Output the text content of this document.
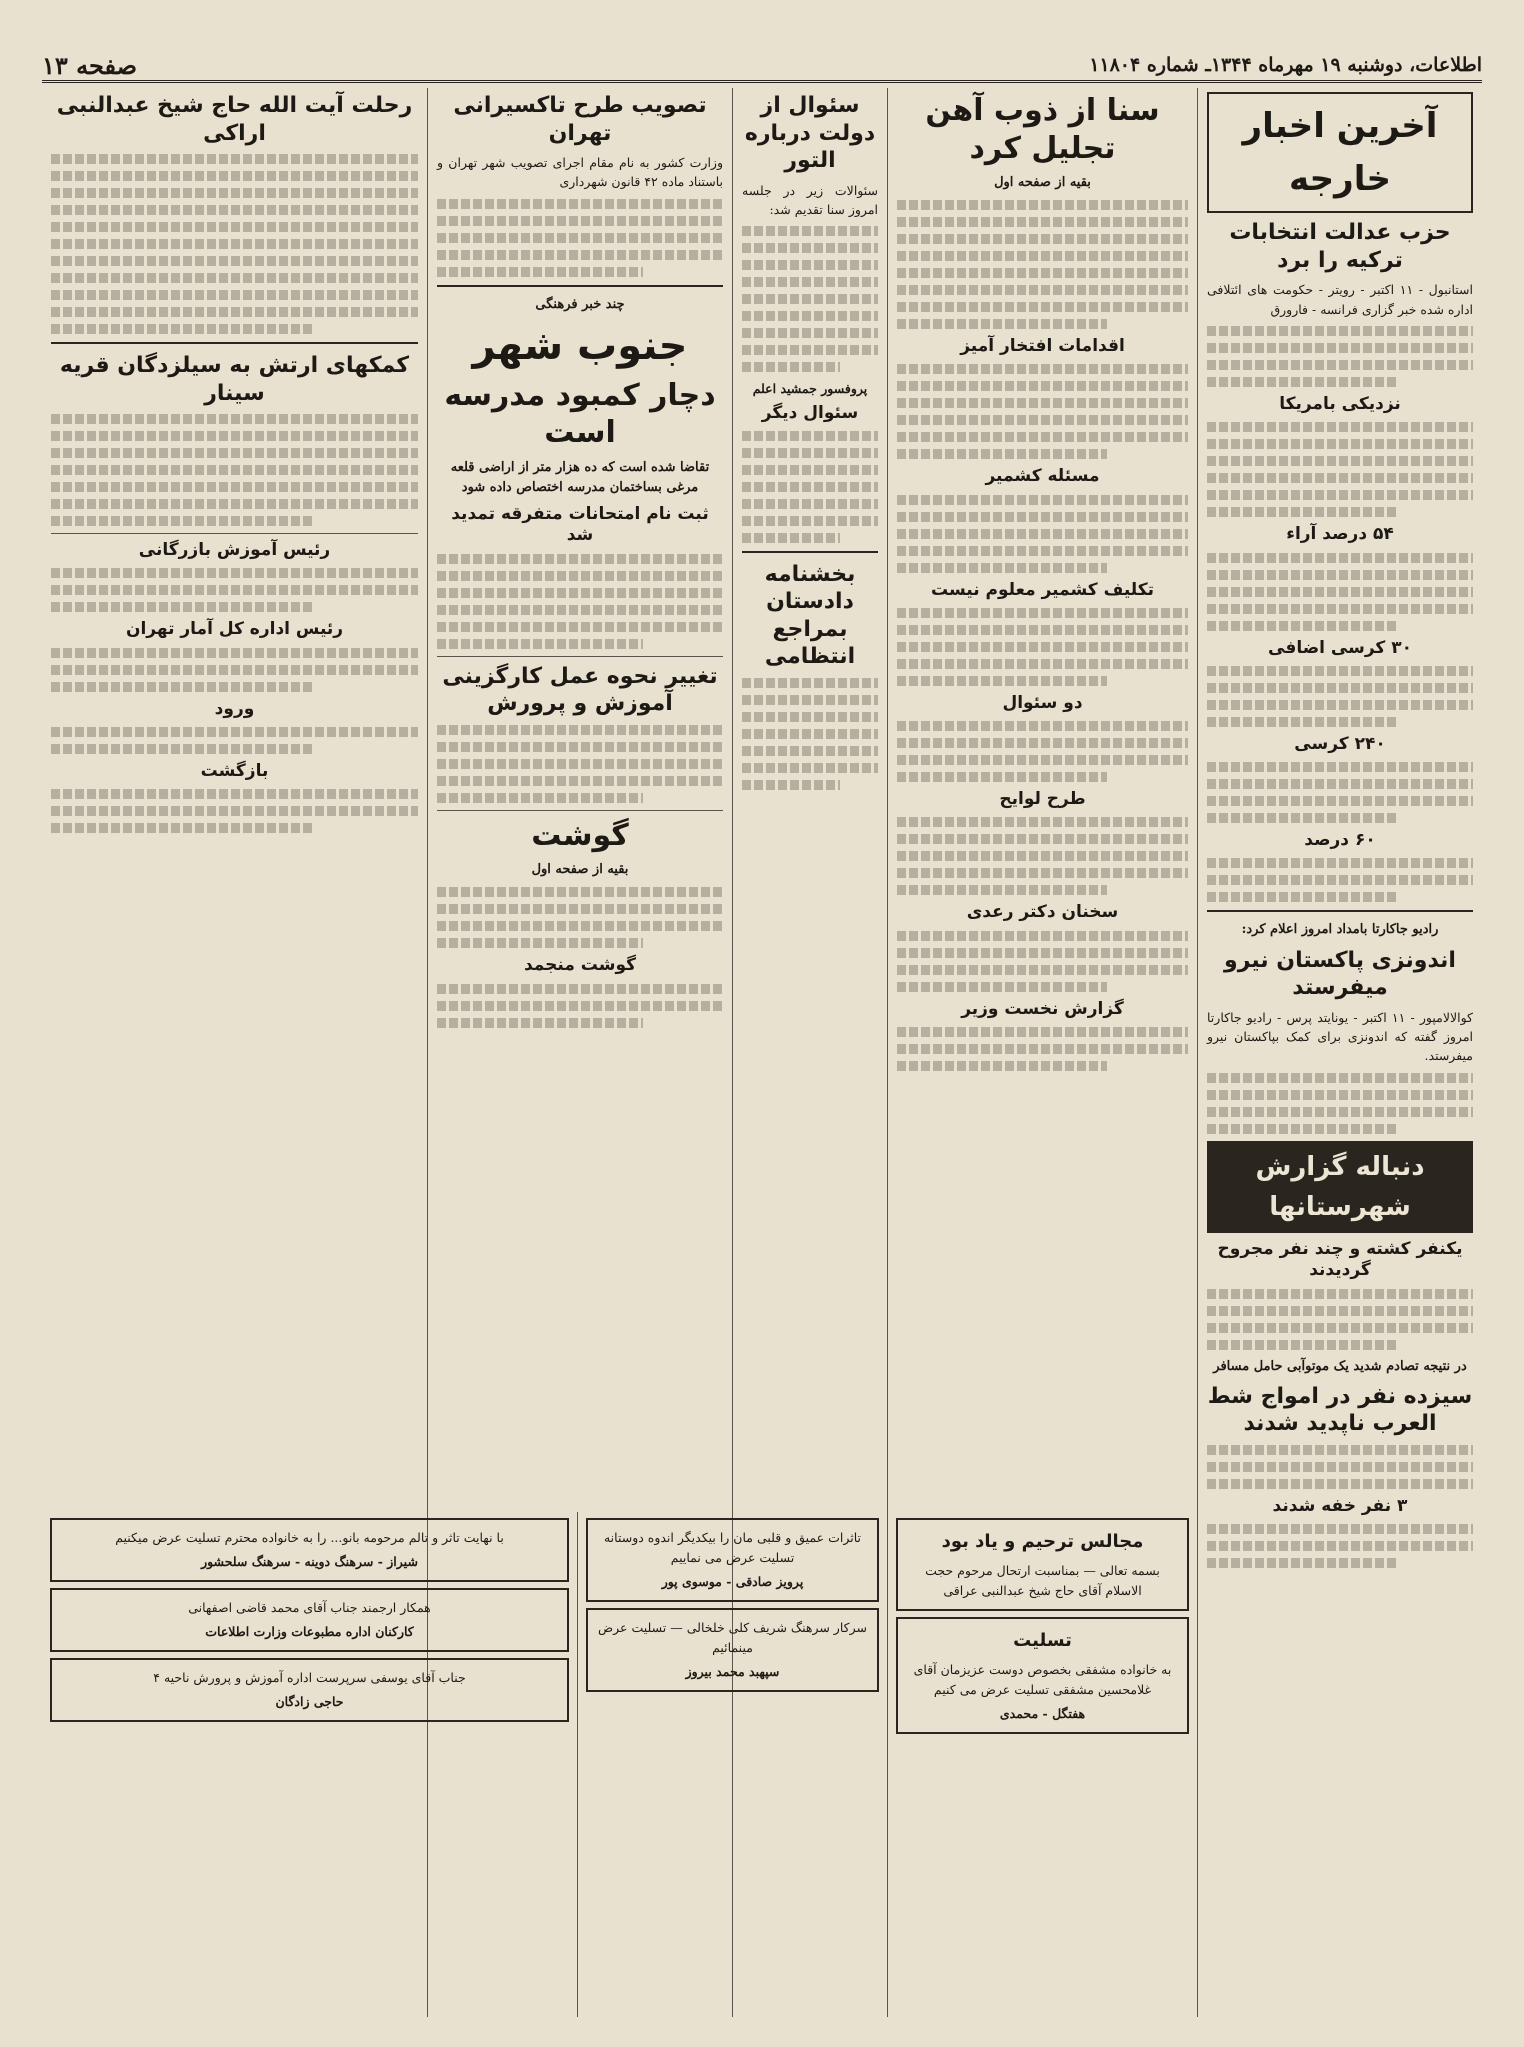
اطلاعات، دوشنبه ۱۹ مهرماه ۱۳۴۴ـ شماره ۱۱۸۰۴
صفحه ۱۳
آخرین اخبار خارجه
حزب عدالت انتخابات ترکیه را برد

استانبول - ۱۱ اکتبر - رویتر - حکومت های ائتلافی اداره شده خبر گزاری فرانسه - فارورق

نزدیکی بامریکا
۵۴ درصد آراء
۳۰ کرسی اضافی
۲۴۰ کرسی
۶۰ درصد
رادیو جاکارتا بامداد امروز اعلام کرد:
اندونزی پاکستان نیرو میفرستد

کوالالامپور - ۱۱ اکتبر - یونایتد پرس - رادیو جاکارتا امروز گفته که اندونزی برای کمک بپاکستان نیرو میفرستد.

دنباله گزارش شهرستانها
یکنفر کشته و چند نفر مجروح گردیدند
در نتیجه تصادم شدید یک موتوآبی حامل مسافر
سیزده نفر در امواج شط العرب ناپدید شدند
۳ نفر خفه شدند
سنا از ذوب آهن تجلیل کرد
بقیه از صفحه اول
اقدامات افتخار آمیز
مسئله کشمیر
تکلیف کشمیر معلوم نیست
دو سئوال
طرح لوایح
سخنان دکتر رعدی
گزارش نخست وزیر
سئوال از دولت درباره التور

سئوالات زیر در جلسه امروز سنا تقدیم شد:

پروفسور جمشید اعلم
سئوال دیگر
بخشنامه دادستان بمراجع انتظامی
تصویب طرح تاکسیرانی تهران

وزارت کشور به نام مقام اجرای تصویب شهر تهران و باستناد ماده ۴۲ قانون شهرداری

چند خبر فرهنگی
جنوب شهر
دچار کمبود مدرسه است
تقاضا شده است که ده هزار متر از اراضی قلعه مرغی بساختمان مدرسه اختصاص داده شود
ثبت نام امتحانات متفرقه تمدید شد
تغییر نحوه عمل کارگزینی آموزش و پرورش
گوشت
بقیه از صفحه اول
گوشت منجمد
رحلت آیت الله حاج شیخ عبدالنبی اراکی
کمکهای ارتش به سیلزدگان قریه سینار
رئیس آموزش بازرگانی
رئیس اداره کل آمار تهران
ورود
بازگشت
مجالس ترحیم و یاد بود
بسمه تعالی — بمناسبت ارتحال مرحوم حجت الاسلام آقای حاج شیخ عبدالنبی عراقی
تسلیت
به خانواده مشفقی بخصوص دوست عزیزمان آقای غلامحسین مشفقی تسلیت عرض می کنیم
هفتگل - محمدی
تاثرات عمیق و قلبی مان را بیکدیگر اندوه دوستانه تسلیت عرض می نماییم
پرویز صادقی - موسوی پور
سرکار سرهنگ شریف کلی خلخالی — تسلیت عرض مینمائیم
سپهبد محمد بیروز
با نهایت تاثر و تالم مرحومه بانو... را به خانواده محترم تسلیت عرض میکنیم
شیراز - سرهنگ دوینه - سرهنگ سلحشور
همکار ارجمند جناب آقای محمد قاضی اصفهانی
کارکنان اداره مطبوعات وزارت اطلاعات
جناب آقای یوسفی سرپرست اداره آموزش و پرورش ناحیه ۴
حاجی زادگان
